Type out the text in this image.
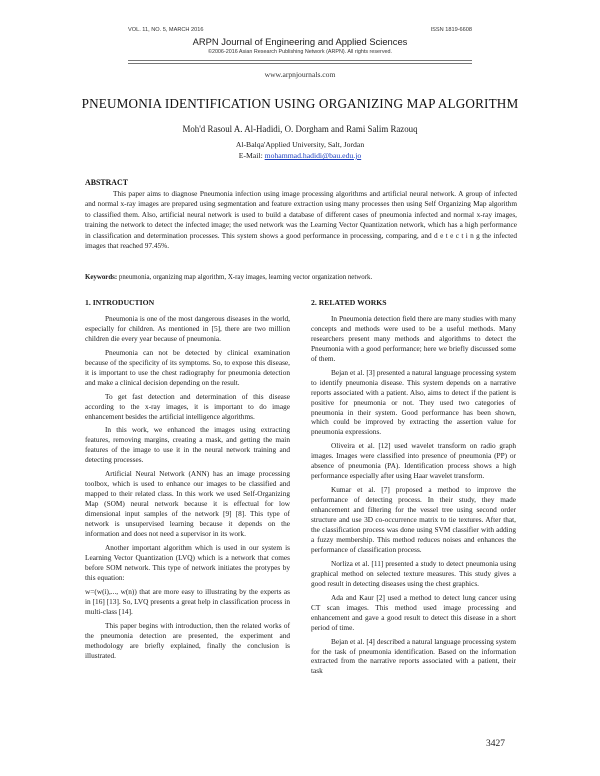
VOL. 11, NO. 5, MARCH 2016	ISSN 1819-6608
ARPN Journal of Engineering and Applied Sciences
©2006-2016 Asian Research Publishing Network (ARPN). All rights reserved.
www.arpnjournals.com
PNEUMONIA IDENTIFICATION USING ORGANIZING MAP ALGORITHM
Moh'd Rasoul A. Al-Hadidi, O. Dorgham and Rami Salim Razouq
Al-Balqa'Applied University, Salt, Jordan
E-Mail: mohammad.hadidi@bau.edu.jo
ABSTRACT

This paper aims to diagnose Pneumonia infection using image processing algorithms and artificial neural network. A group of infected and normal x-ray images are prepared using segmentation and feature extraction using many processes then using Self Organizing Map algorithm to classified them. Also, artificial neural network is used to build a database of different cases of pneumonia infected and normal x-ray images, training the network to detect the infected image; the used network was the Learning Vector Quantization network, which has a high performance in classification and determination processes. This system shows a good performance in processing, comparing, and d e t e c t i n g the infected images that reached 97.45%.

Keywords: pneumonia, organizing map algorithm, X-ray images, learning vector organization network.
1. INTRODUCTION

Pneumonia is one of the most dangerous diseases in the world, especially for children. As mentioned in [5], there are two million children die every year because of pneumonia.

Pneumonia can not be detected by clinical examination because of the specificity of its symptoms. So, to expose this disease, it is important to use the chest radiography for pneumonia detection and make a clinical decision depending on the result.

To get fast detection and determination of this disease according to the x-ray images, it is important to do image enhancement besides the artificial intelligence algorithms.

In this work, we enhanced the images using extracting features, removing margins, creating a mask, and getting the main features of the image to use it in the neural network training and detecting processes.

Artificial Neural Network (ANN) has an image processing toolbox, which is used to enhance our images to be classified and mapped to their related class. In this work we used Self-Organizing Map (SOM) neural network because it is effectual for low dimensional input samples of the network [9] [8]. This type of network is unsupervised learning because it depends on the information and does not need a supervisor in its work.

Another important algorithm which is used in our system is Learning Vector Quantization (LVQ) which is a network that comes before SOM network. This type of network initiates the protypes by this equation:

w=(w(i),..., w(n)) that are more easy to illustrating by the experts as in [16] [13]. So, LVQ presents a great help in classification process in multi-class [14].

This paper begins with introduction, then the related works of the pneumonia detection are presented, the experiment and methodology are briefly explained, finally the conclusion is illustrated.

2. RELATED WORKS

In Pneumonia detection field there are many studies with many concepts and methods were used to be a useful methods. Many researchers present many methods and algorithms to detect the Pneumonia with a good performance; here we briefly discussed some of them.

Bejan et al. [3] presented a natural language processing system to identify pneumonia disease. This system depends on a narrative reports associated with a patient. Also, aims to detect if the patient is positive for pneumonia or not. They used two categories of pneumonia in their system. Good performance has been shown, which could be improved by extracting the assertion value for pneumonia expressions.

Oliveira et al. [12] used wavelet transform on radio graph images. Images were classified into presence of pneumonia (PP) or absence of pneumonia (PA). Identification process shows a high performance especially after using Haar wavelet transform.

Kumar et al. [7] proposed a method to improve the performance of detecting process. In their study, they made enhancement and filtering for the vessel tree using second order structure and use 3D co-occurrence matrix to tie textures. After that, the classification process was done using SVM classifier with adding a fuzzy membership. This method reduces noises and enhances the performance of classification process.

Norliza et al. [11] presented a study to detect pneumonia using graphical method on selected texture measures. This study gives a good result in detecting diseases using the chest graphics.

Ada and Kaur [2] used a method to detect lung cancer using CT scan images. This method used image processing and enhancement and gave a good result to detect this disease in a short period of time.

Bejan et al. [4] described a natural language processing system for the task of pneumonia identification. Based on the information extracted from the narrative reports associated with a patient, their task

3427
